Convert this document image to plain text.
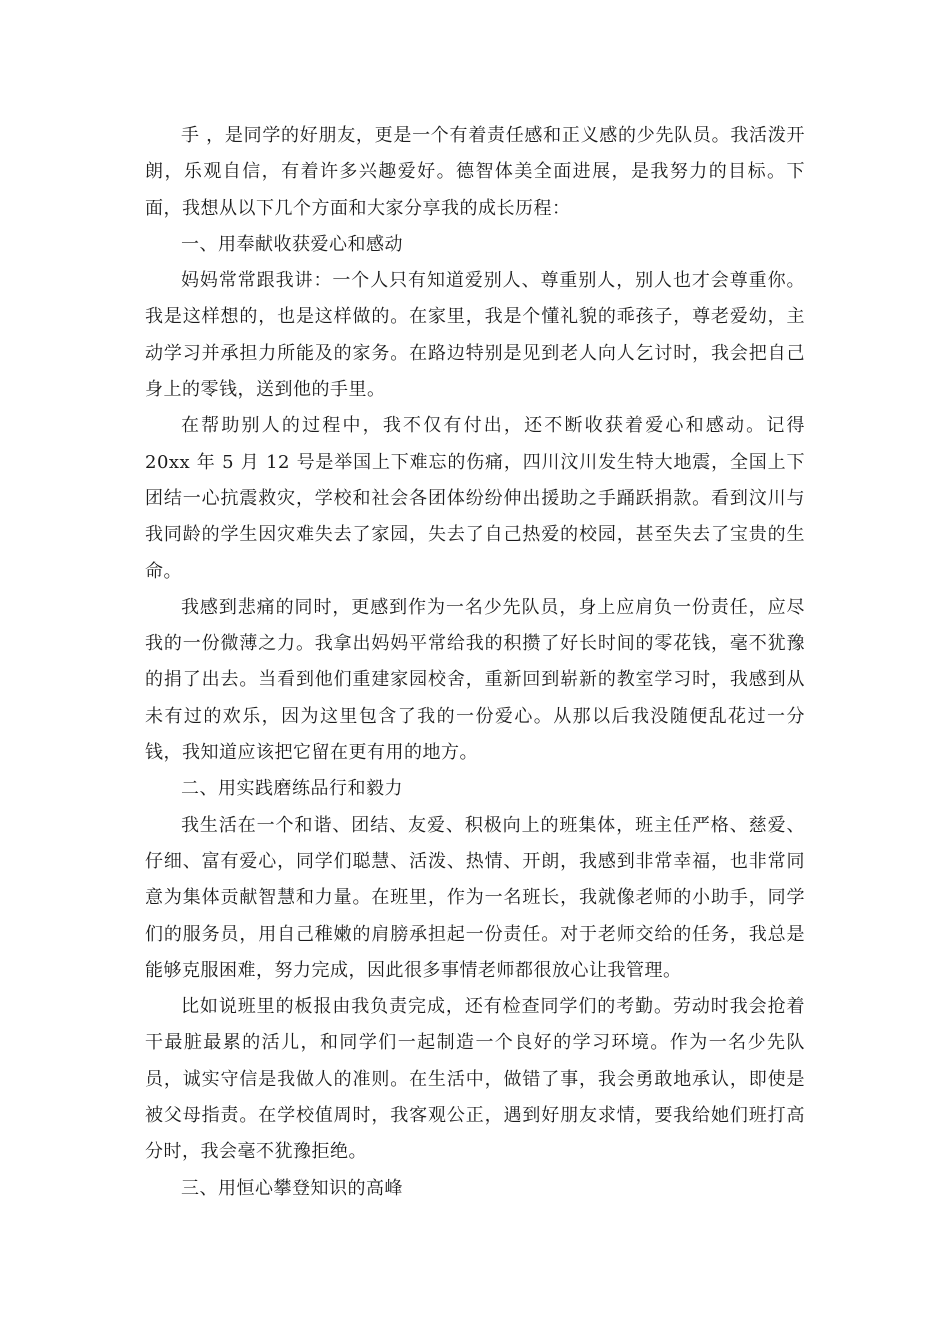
手 ，是同学的好朋友，更是一个有着责任感和正义感的少先队员。我活泼开朗，乐观自信，有着许多兴趣爱好。德智体美全面进展，是我努力的目标。下面，我想从以下几个方面和大家分享我的成长历程：

一、用奉献收获爱心和感动

妈妈常常跟我讲：一个人只有知道爱别人、尊重别人，别人也才会尊重你。我是这样想的，也是这样做的。在家里，我是个懂礼貌的乖孩子，尊老爱幼，主动学习并承担力所能及的家务。在路边特别是见到老人向人乞讨时，我会把自己身上的零钱，送到他的手里。

在帮助别人的过程中，我不仅有付出，还不断收获着爱心和感动。记得 20xx 年 5 月 12 号是举国上下难忘的伤痛，四川汶川发生特大地震，全国上下团结一心抗震救灾，学校和社会各团体纷纷伸出援助之手踊跃捐款。看到汶川与我同龄的学生因灾难失去了家园，失去了自己热爱的校园，甚至失去了宝贵的生命。

我感到悲痛的同时，更感到作为一名少先队员，身上应肩负一份责任，应尽我的一份微薄之力。我拿出妈妈平常给我的积攒了好长时间的零花钱，毫不犹豫的捐了出去。当看到他们重建家园校舍，重新回到崭新的教室学习时，我感到从未有过的欢乐，因为这里包含了我的一份爱心。从那以后我没随便乱花过一分钱，我知道应该把它留在更有用的地方。

二、用实践磨练品行和毅力

我生活在一个和谐、团结、友爱、积极向上的班集体，班主任严格、慈爱、仔细、富有爱心，同学们聪慧、活泼、热情、开朗，我感到非常幸福，也非常同意为集体贡献智慧和力量。在班里，作为一名班长，我就像老师的小助手，同学们的服务员，用自己稚嫩的肩膀承担起一份责任。对于老师交给的任务，我总是能够克服困难，努力完成，因此很多事情老师都很放心让我管理。

比如说班里的板报由我负责完成，还有检查同学们的考勤。劳动时我会抢着干最脏最累的活儿，和同学们一起制造一个良好的学习环境。作为一名少先队员，诚实守信是我做人的准则。在生活中，做错了事，我会勇敢地承认，即使是被父母指责。在学校值周时，我客观公正，遇到好朋友求情，要我给她们班打高分时，我会毫不犹豫拒绝。

三、用恒心攀登知识的高峰
